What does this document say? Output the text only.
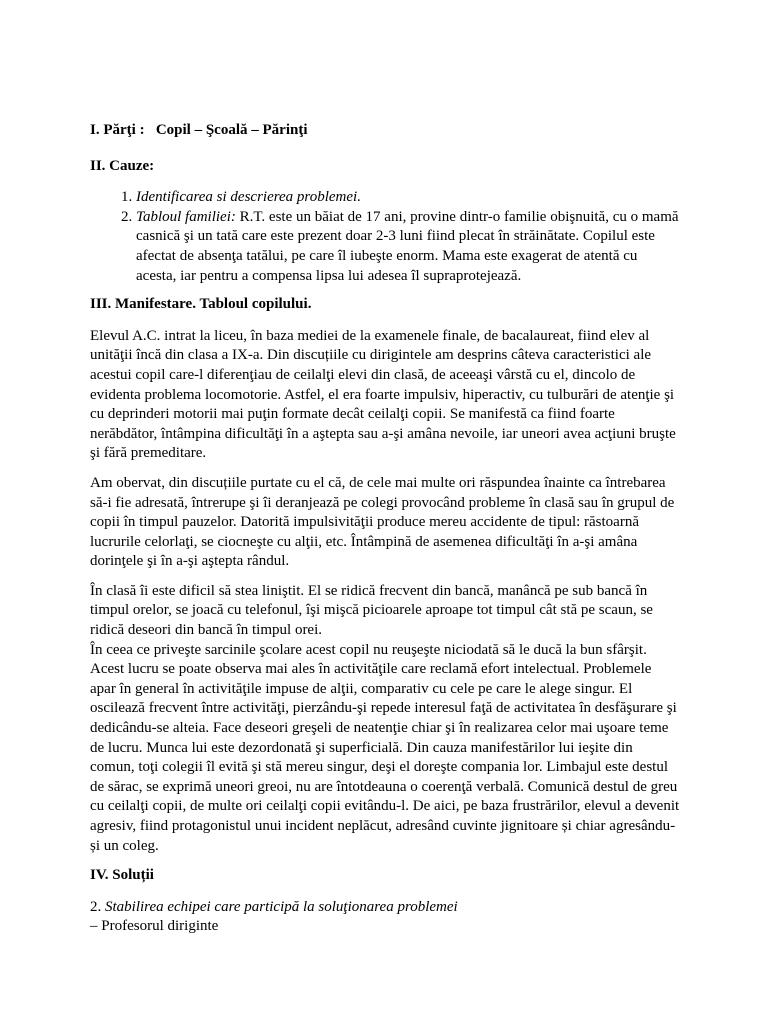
I. Părţi : Copil – Şcoală – Părinţi

II. Cauze:

1. Identificarea si descrierea problemei.
2. Tabloul familiei: R.T. este un băiat de 17 ani, provine dintr-o familie obişnuită, cu o mamă casnică şi un tată care este prezent doar 2-3 luni fiind plecat în străinătate. Copilul este afectat de absenţa tatălui, pe care îl iubeşte enorm. Mama este exagerat de atentă cu acesta, iar pentru a compensa lipsa lui adesea îl supraprotejează.

III. Manifestare. Tabloul copilului.

Elevul A.C. intrat la liceu, în baza mediei de la examenele finale, de bacalaureat, fiind elev al unităţii încă din clasa a IX-a. Din discuțiile cu dirigintele am desprins câteva caracteristici ale acestui copil care-l diferenţiau de ceilalţi elevi din clasă, de aceeaşi vârstă cu el, dincolo de evidenta problema locomotorie. Astfel, el era foarte impulsiv, hiperactiv, cu tulburări de atenţie şi cu deprinderi motorii mai puţin formate decât ceilalţi copii. Se manifestă ca fiind foarte nerăbdător, întâmpina dificultăţi în a aştepta sau a-şi amâna nevoile, iar uneori avea acţiuni bruşte şi fără premeditare.

Am obervat, din discuțiile purtate cu el că, de cele mai multe ori răspundea înainte ca întrebarea să-i fie adresată, întrerupe şi îi deranjează pe colegi provocând probleme în clasă sau în grupul de copii în timpul pauzelor. Datorită impulsivităţii produce mereu accidente de tipul: răstoarnă lucrurile celorlaţi, se ciocneşte cu alţii, etc. Întâmpină de asemenea dificultăţi în a-şi amâna dorinţele şi în a-şi aştepta rândul.

În clasă îi este dificil să stea liniştit. El se ridică frecvent din bancă, manâncă pe sub bancă în timpul orelor, se joacă cu telefonul, îşi mişcă picioarele aproape tot timpul cât stă pe scaun, se ridică deseori din bancă în timpul orei.

În ceea ce priveşte sarcinile şcolare acest copil nu reuşeşte niciodată să le ducă la bun sfârşit. Acest lucru se poate observa mai ales în activităţile care reclamă efort intelectual. Problemele apar în general în activităţile impuse de alţii, comparativ cu cele pe care le alege singur. El oscilează frecvent între activităţi, pierzându-şi repede interesul faţă de activitatea în desfăşurare şi dedicându-se alteia. Face deseori greşeli de neatenţie chiar şi în realizarea celor mai uşoare teme de lucru. Munca lui este dezordonată şi superficială. Din cauza manifestărilor lui ieşite din comun, toţi colegii îl evită şi stă mereu singur, deşi el doreşte compania lor. Limbajul este destul de sărac, se exprimă uneori greoi, nu are întotdeauna o coerenţă verbală. Comunică destul de greu cu ceilalţi copii, de multe ori ceilalţi copii evitându-l. De aici, pe baza frustrărilor, elevul a devenit agresiv, fiind protagonistul unui incident neplăcut, adresând cuvinte jignitoare și chiar agresându-și un coleg.

IV. Soluții

2. Stabilirea echipei care participă la soluţionarea problemei

– Profesorul diriginte
